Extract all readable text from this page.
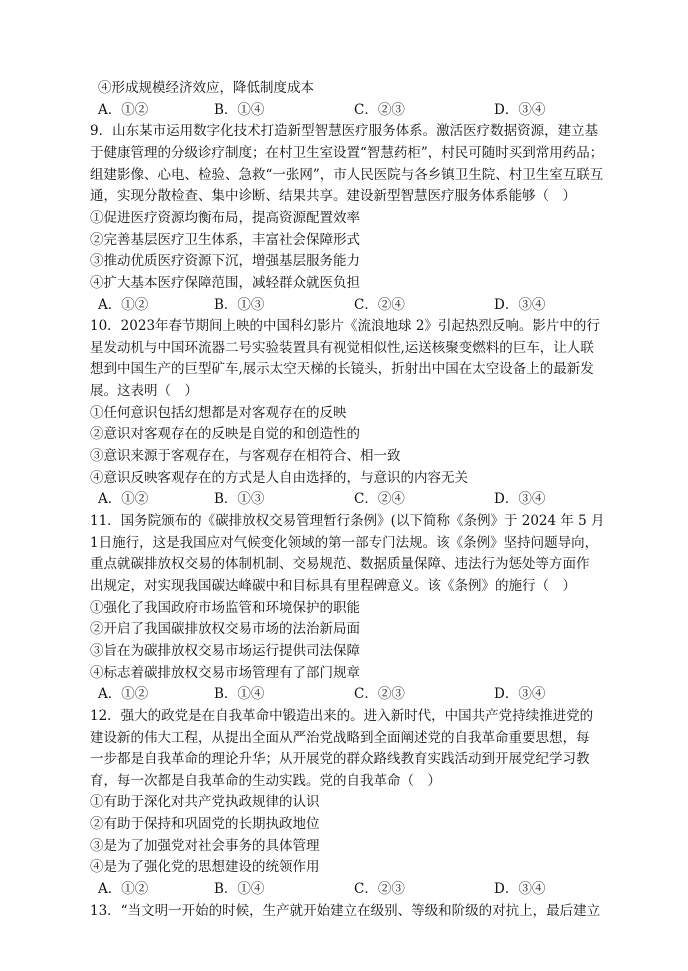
④形成规模经济效应，降低制度成本
A．①②	B．①④	C．②③	D．③④
9．山东某市运用数字化技术打造新型智慧医疗服务体系。激活医疗数据资源，建立基
于健康管理的分级诊疗制度；在村卫生室设置“智慧药柜”，村民可随时买到常用药品；
组建影像、心电、检验、急救“一张网”，市人民医院与各乡镇卫生院、村卫生室互联互
通，实现分散检查、集中诊断、结果共享。建设新型智慧医疗服务体系能够（　）
①促进医疗资源均衡布局，提高资源配置效率
②完善基层医疗卫生体系，丰富社会保障形式
③推动优质医疗资源下沉，增强基层服务能力
④扩大基本医疗保障范围，减轻群众就医负担
A．①②	B．①③	C．②④	D．③④
10．2023年春节期间上映的中国科幻影片《流浪地球 2》引起热烈反响。影片中的行
星发动机与中国环流器二号实验装置具有视觉相似性,运送核聚变燃料的巨车，让人联
想到中国生产的巨型矿车,展示太空天梯的长镜头，折射出中国在太空设备上的最新发
展。这表明（　）
①任何意识包括幻想都是对客观存在的反映
②意识对客观存在的反映是自觉的和创造性的
③意识来源于客观存在，与客观存在相符合、相一致
④意识反映客观存在的方式是人自由选择的，与意识的内容无关
A．①②	B．①③	C．②④	D．③④
11．国务院颁布的《碳排放权交易管理暂行条例》(以下简称《条例》于 2024 年 5 月
1日施行，这是我国应对气候变化领域的第一部专门法规。该《条例》坚持问题导向，
重点就碳排放权交易的体制机制、交易规范、数据质量保障、违法行为惩处等方面作
出规定，对实现我国碳达峰碳中和目标具有里程碑意义。该《条例》的施行（　）
①强化了我国政府市场监管和环境保护的职能
②开启了我国碳排放权交易市场的法治新局面
③旨在为碳排放权交易市场运行提供司法保障
④标志着碳排放权交易市场管理有了部门规章
A．①②	B．①④	C．②③	D．③④
12．强大的政党是在自我革命中锻造出来的。进入新时代，中国共产党持续推进党的
建设新的伟大工程，从提出全面从严治党战略到全面阐述党的自我革命重要思想，每
一步都是自我革命的理论升华；从开展党的群众路线教育实践活动到开展党纪学习教
育，每一次都是自我革命的生动实践。党的自我革命（　）
①有助于深化对共产党执政规律的认识
②有助于保持和巩固党的长期执政地位
③是为了加强党对社会事务的具体管理
④是为了强化党的思想建设的统领作用
A．①②	B．①④	C．②③	D．③④
13．“当文明一开始的时候，生产就开始建立在级别、等级和阶级的对抗上，最后建立
